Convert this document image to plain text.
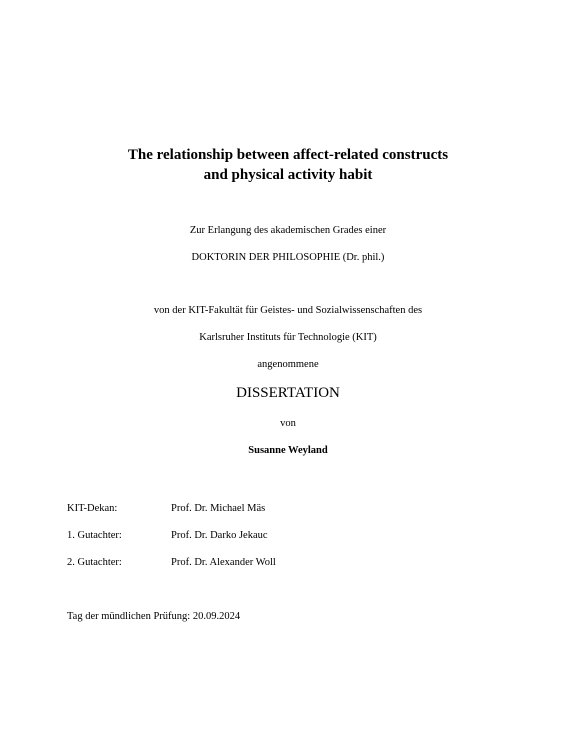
The relationship between affect-related constructs
and physical activity habit
Zur Erlangung des akademischen Grades einer
DOKTORIN DER PHILOSOPHIE (Dr. phil.)
von der KIT-Fakultät für Geistes- und Sozialwissenschaften des
Karlsruher Instituts für Technologie (KIT)
angenommene
DISSERTATION
von
Susanne Weyland
KIT-Dekan:	Prof. Dr. Michael Mäs
1. Gutachter:	Prof. Dr. Darko Jekauc
2. Gutachter:	Prof. Dr. Alexander Woll
Tag der mündlichen Prüfung: 20.09.2024
